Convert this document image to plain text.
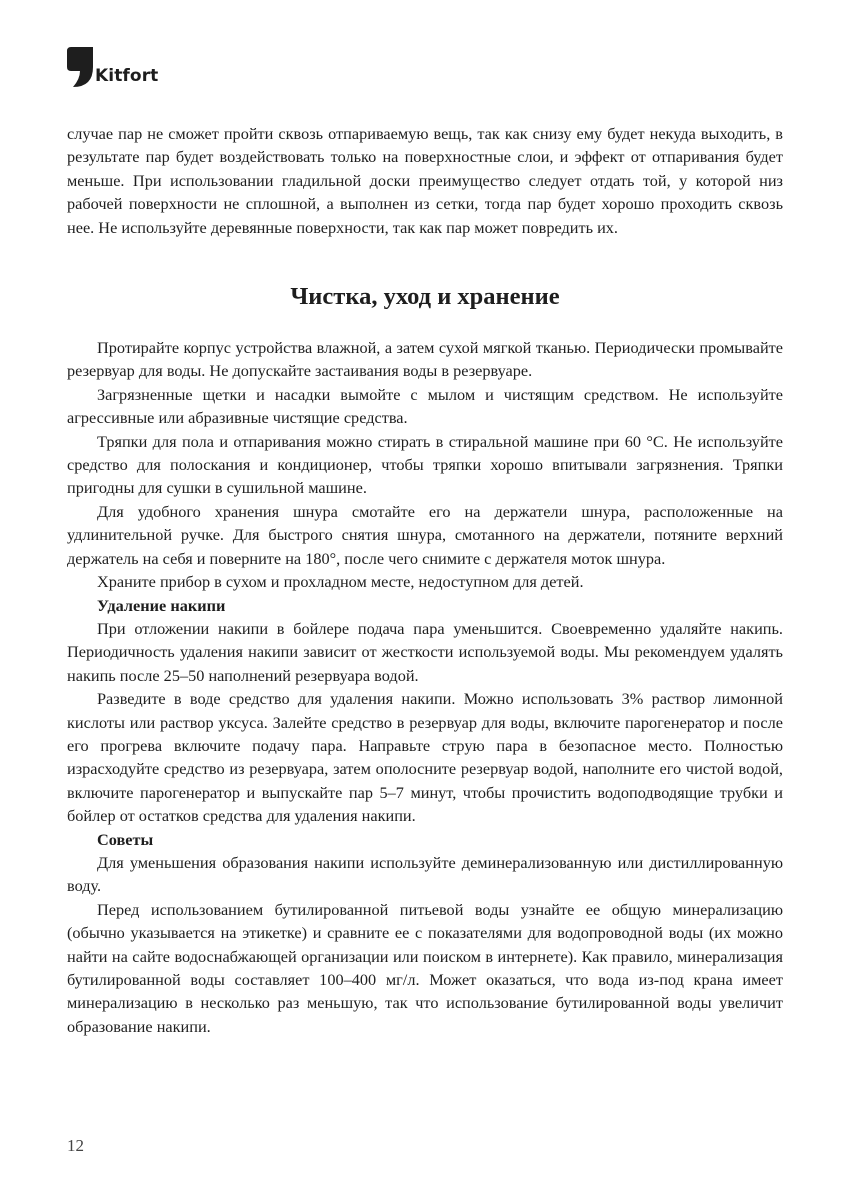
Kitfort

случае пар не сможет пройти сквозь отпариваемую вещь, так как снизу ему будет некуда выходить, в результате пар будет воздействовать только на поверхностные слои, и эффект от отпаривания будет меньше. При использовании гладильной доски преимущество следует отдать той, у которой низ рабочей поверхности не сплошной, а выполнен из сетки, тогда пар будет хорошо проходить сквозь нее. Не используйте деревянные поверхности, так как пар может повредить их.

Чистка, уход и хранение

Протирайте корпус устройства влажной, а затем сухой мягкой тканью. Периодически промывайте резервуар для воды. Не допускайте застаивания воды в резервуаре.

Загрязненные щетки и насадки вымойте с мылом и чистящим средством. Не используйте агрессивные или абразивные чистящие средства.

Тряпки для пола и отпаривания можно стирать в стиральной машине при 60 °С. Не используйте средство для полоскания и кондиционер, чтобы тряпки хорошо впитывали загрязнения. Тряпки пригодны для сушки в сушильной машине.

Для удобного хранения шнура смотайте его на держатели шнура, расположенные на удлинительной ручке. Для быстрого снятия шнура, смотанного на держатели, потяните верхний держатель на себя и поверните на 180°, после чего снимите с держателя моток шнура.

Храните прибор в сухом и прохладном месте, недоступном для детей.

Удаление накипи

При отложении накипи в бойлере подача пара уменьшится. Своевременно удаляйте накипь. Периодичность удаления накипи зависит от жесткости используемой воды. Мы рекомендуем удалять накипь после 25–50 наполнений резервуара водой.

Разведите в воде средство для удаления накипи. Можно использовать 3% раствор лимонной кислоты или раствор уксуса. Залейте средство в резервуар для воды, включите парогенератор и после его прогрева включите подачу пара. Направьте струю пара в безопасное место. Полностью израсходуйте средство из резервуара, затем ополосните резервуар водой, наполните его чистой водой, включите парогенератор и выпускайте пар 5–7 минут, чтобы прочистить водоподводящие трубки и бойлер от остатков средства для удаления накипи.

Советы

Для уменьшения образования накипи используйте деминерализованную или дистиллированную воду.

Перед использованием бутилированной питьевой воды узнайте ее общую минерализацию (обычно указывается на этикетке) и сравните ее с показателями для водопроводной воды (их можно найти на сайте водоснабжающей организации или поиском в интернете). Как правило, минерализация бутилированной воды составляет 100–400 мг/л. Может оказаться, что вода из-под крана имеет минерализацию в несколько раз меньшую, так что использование бутилированной воды увеличит образование накипи.

12
